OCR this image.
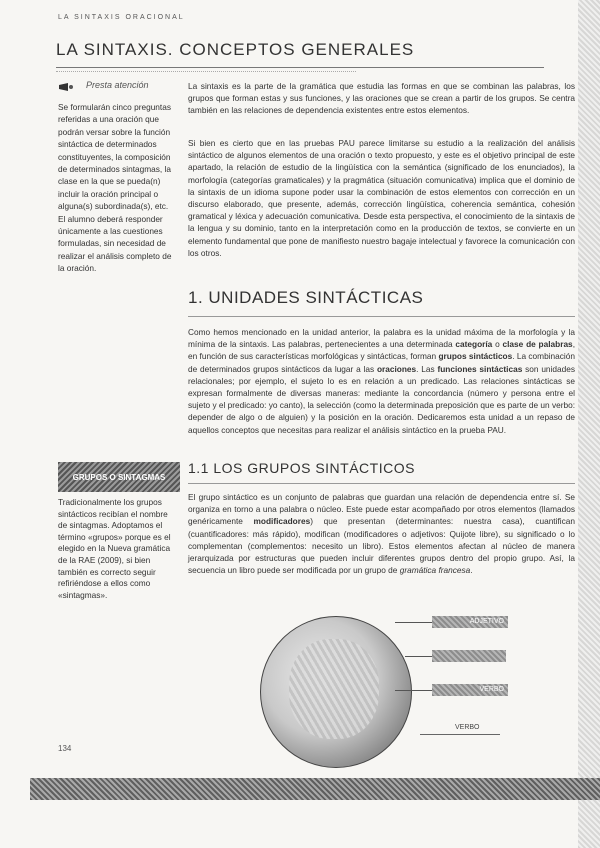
LA SINTAXIS ORACIONAL
LA SINTAXIS. CONCEPTOS GENERALES
Presta atención
Se formularán cinco preguntas referidas a una oración que podrán versar sobre la función sintáctica de determinados constituyentes, la composición de determinados sintagmas, la clase en la que se pueda(n) incluir la oración principal o alguna(s) subordinada(s), etc. El alumno deberá responder únicamente a las cuestiones formuladas, sin necesidad de realizar el análisis completo de la oración.
GRUPOS O SINTAGMAS
Tradicionalmente los grupos sintácticos recibían el nombre de sintagmas. Adoptamos el término «grupos» porque es el elegido en la Nueva gramática de la RAE (2009), si bien también es correcto seguir refiriéndose a ellos como «sintagmas».
La sintaxis es la parte de la gramática que estudia las formas en que se combinan las palabras, los grupos que forman estas y sus funciones, y las oraciones que se crean a partir de los grupos. Se centra también en las relaciones de dependencia existentes entre estos elementos.
Si bien es cierto que en las pruebas PAU parece limitarse su estudio a la realización del análisis sintáctico de algunos elementos de una oración o texto propuesto, y este es el objetivo principal de este apartado, la relación de estudio de la lingüística con la semántica (significado de los enunciados), la morfología (categorías gramaticales) y la pragmática (situación comunicativa) implica que el dominio de la sintaxis de un idioma supone poder usar la combinación de estos elementos con corrección en un discurso elaborado, que presente, además, corrección lingüística, coherencia semántica, cohesión gramatical y léxica y adecuación comunicativa. Desde esta perspectiva, el conocimiento de la sintaxis de la lengua y su dominio, tanto en la interpretación como en la producción de textos, se convierte en un elemento fundamental que pone de manifiesto nuestro bagaje intelectual y favorece la comunicación con los otros.
1. UNIDADES SINTÁCTICAS
Como hemos mencionado en la unidad anterior, la palabra es la unidad máxima de la morfología y la mínima de la sintaxis. Las palabras, pertenecientes a una determinada categoría o clase de palabras, en función de sus características morfológicas y sintácticas, forman grupos sintácticos. La combinación de determinados grupos sintácticos da lugar a las oraciones. Las funciones sintácticas son unidades relacionales; por ejemplo, el sujeto lo es en relación a un predicado. Las relaciones sintácticas se expresan formalmente de diversas maneras: mediante la concordancia (número y persona entre el sujeto y el predicado: yo canto), la selección (como la determinada preposición que es parte de un verbo: depender de algo o de alguien) y la posición en la oración. Dedicaremos esta unidad a un repaso de aquellos conceptos que necesitas para realizar el análisis sintáctico en la prueba PAU.
1.1 LOS GRUPOS SINTÁCTICOS
El grupo sintáctico es un conjunto de palabras que guardan una relación de dependencia entre sí. Se organiza en torno a una palabra o núcleo. Este puede estar acompañado por otros elementos (llamados genéricamente modificadores) que presentan (determinantes: nuestra casa), cuantifican (cuantificadores: más rápido), modifican (modificadores o adjetivos: Quijote libre), su significado o lo complementan (complementos: necesito un libro). Estos elementos afectan al núcleo de manera jerarquizada por estructuras que pueden incluir diferentes grupos dentro del propio grupo. Así, la secuencia un libro puede ser modificada por un grupo de gramática francesa.
ADJETIVO
VERBO
VERBO
134
